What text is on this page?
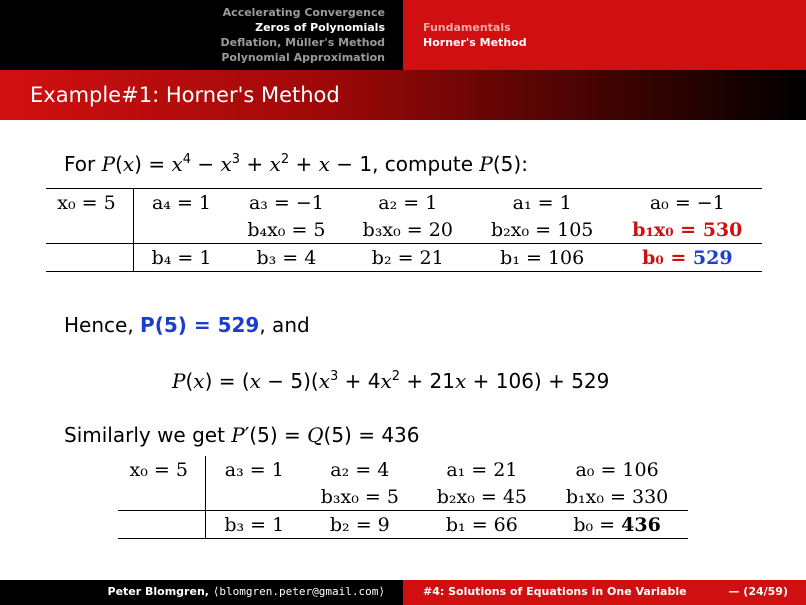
Accelerating Convergence
Zeros of Polynomials
Deflation, Müller's Method
Polynomial Approximation
Fundamentals
Horner's Method
Example#1: Horner's Method
For $P(x) = x^4 - x^3 + x^2 + x - 1$, compute P(5):
x₀ = 5	a₄ = 1	a₃ = −1	a₂ = 1	a₁ = 1	a₀ = −1
		b₄x₀ = 5	b₃x₀ = 20	b₂x₀ = 105	b₁x₀ = 530
	b₄ = 1	b₃ = 4	b₂ = 21	b₁ = 106	b₀ = 529
Hence, P(5) = 529, and
$P(x) = (x - 5)(x^3 + 4x^2 + 21x + 106) + 529$
Similarly we get P′(5) = Q(5) = 436
x₀ = 5	a₃ = 1	a₂ = 4	a₁ = 21	a₀ = 106
		b₃x₀ = 5	b₂x₀ = 45	b₁x₀ = 330
	b₃ = 1	b₂ = 9	b₁ = 66	b₀ = 436
Peter Blomgren, ⟨blomgren.peter@gmail.com⟩	#4: Solutions of Equations in One Variable	— (24/59)
